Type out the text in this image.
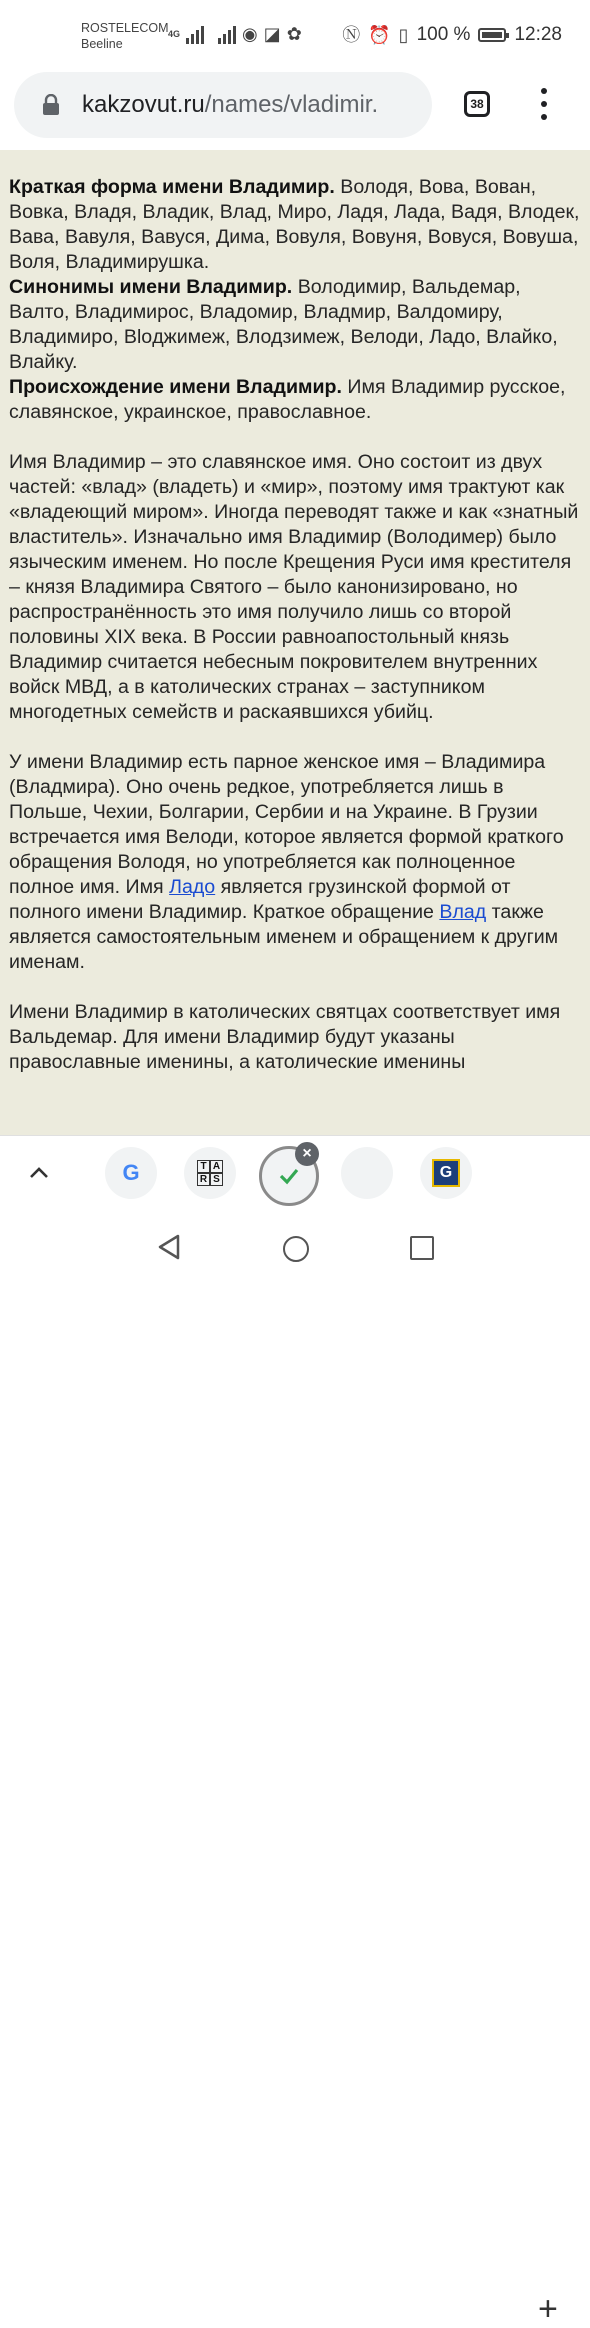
ROSTELECOM
Beeline
4G	◉ ◪ ✿ Ⓝ ⏰ ▯ 100 % 12:28
kakzovut.ru/names/vladimir.	38

Краткая форма имени Владимир. Володя, Вова, Вован, Вовка, Владя, Владик, Влад, Миро, Ладя, Лада, Вадя, Влодек, Вава, Вавуля, Вавуся, Дима, Вовуля, Вовуня, Вовуся, Вовуша, Воля, Владимирушка.
Синонимы имени Владимир. Володимир, Вальдемар, Валто, Владимирос, Владомир, Влaдмир, Валдомиру, Владимиро, Вloджимеж, Влодзимеж, Велоди, Ладо, Влайко, Влайку.
Происхождение имени Владимир. Имя Владимир русское, славянское, украинское, православное.

Имя Владимир – это славянское имя. Оно состоит из двух частей: «влад» (владеть) и «мир», поэтому имя трактуют как «владеющий миром». Иногда переводят также и как «знатный властитель». Изначально имя Владимир (Володимер) было языческим именем. Но после Крещения Руси имя крестителя – князя Владимира Святого – было канонизировано, но распространённость это имя получило лишь со второй половины XIX века. В России равноапостольный князь Владимир считается небесным покровителем внутренних войск МВД, а в католических странах – заступником многодетных семейств и раскаявшихся убийц.

У имени Владимир есть парное женское имя – Владимира (Владмира). Оно очень редкое, употребляется лишь в Польше, Чехии, Болгарии, Сербии и на Украине. В Грузии встречается имя Велоди, которое является формой краткого обращения Володя, но употребляется как полноценное полное имя. Имя Ладо является грузинской формой от полного имени Владимир. Краткое обращение Влад также является самостоятельным именем и обращением к другим именам.

Имени Владимир в католических святцах соответствует имя Вальдемар. Для имени Владимир будут указаны православные именины, а католические именины

G	T A
R S	G
+
×
